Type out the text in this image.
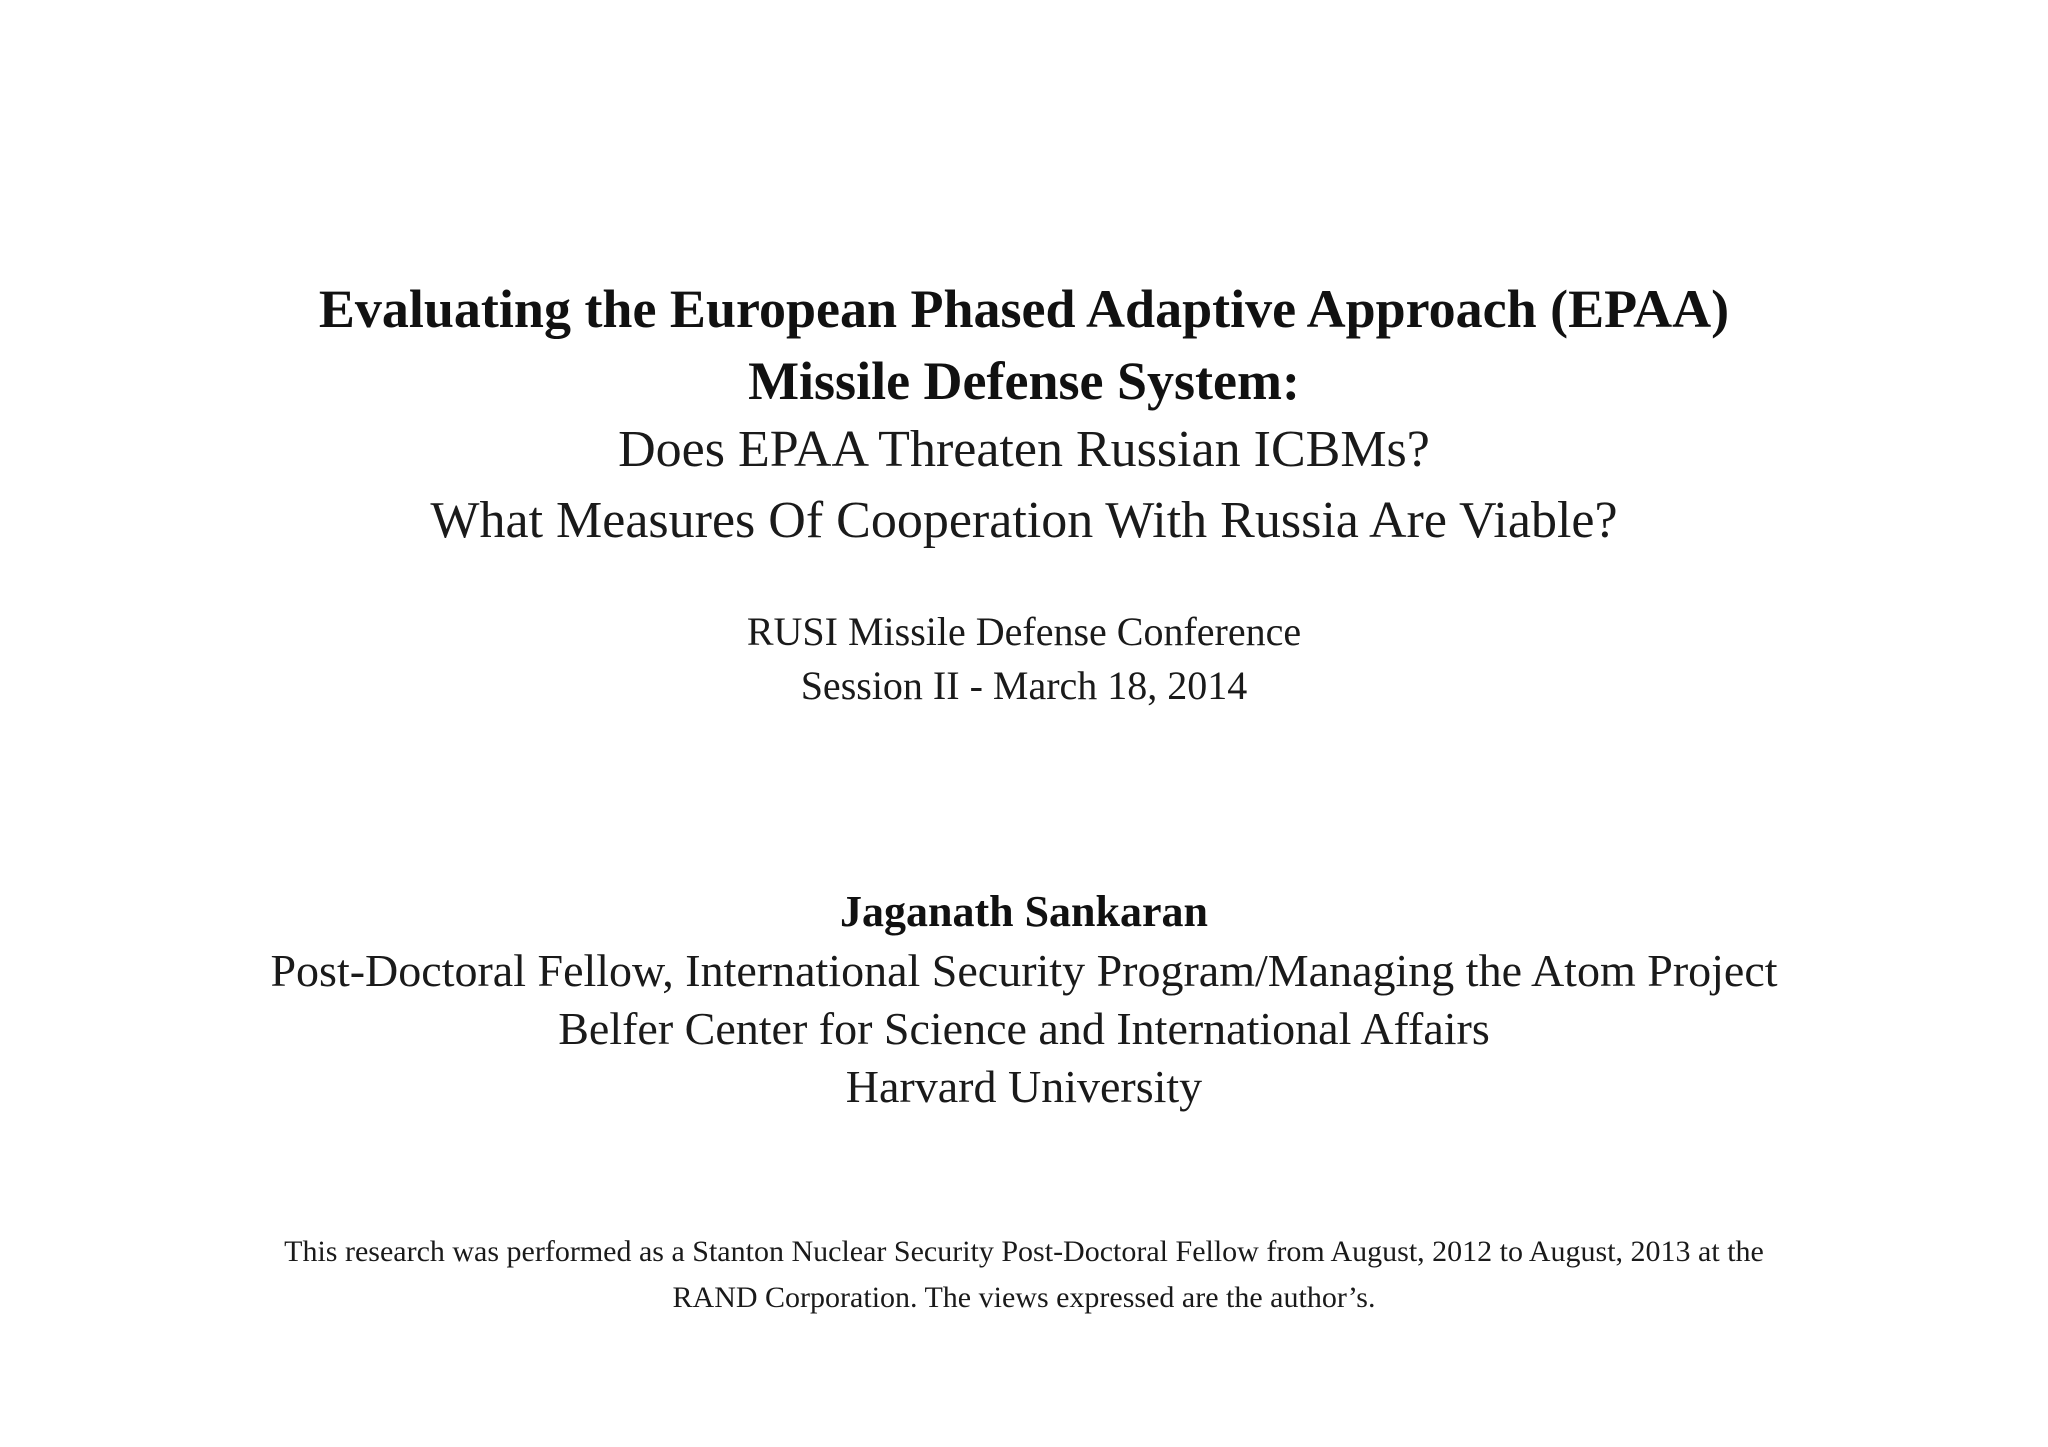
Evaluating the European Phased Adaptive Approach (EPAA)
Missile Defense System:
Does EPAA Threaten Russian ICBMs?
What Measures Of Cooperation With Russia Are Viable?

RUSI Missile Defense Conference

Session II - March 18, 2014

Jaganath Sankaran

Post-Doctoral Fellow, International Security Program/Managing the Atom Project

Belfer Center for Science and International Affairs

Harvard University

This research was performed as a Stanton Nuclear Security Post-Doctoral Fellow from August, 2012 to August, 2013 at the

RAND Corporation. The views expressed are the author’s.
